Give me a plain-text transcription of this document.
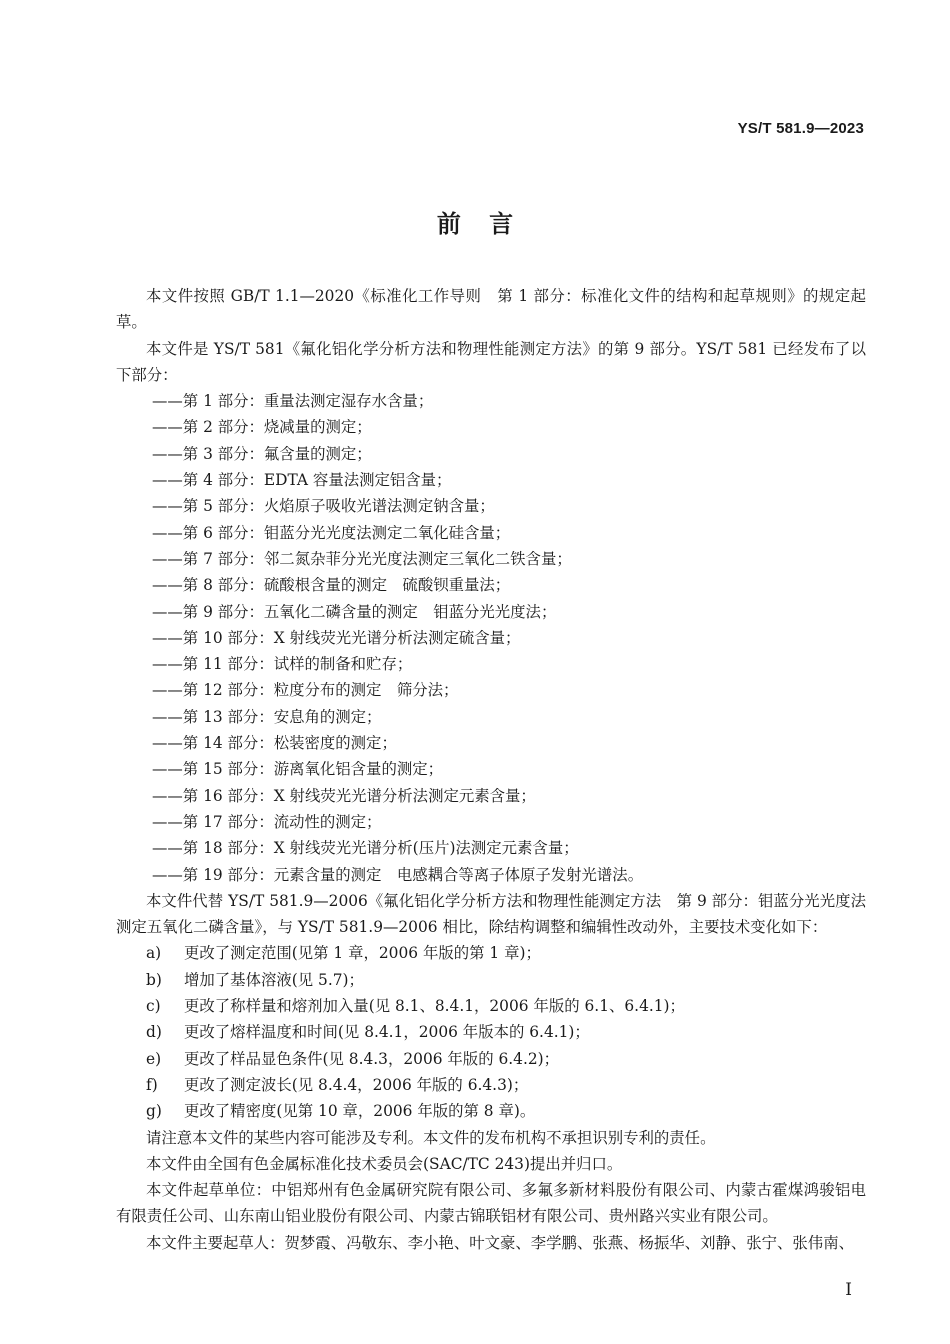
YS/T 581.9—2023
前 言

本文件按照 GB/T 1.1—2020《标准化工作导则　第 1 部分：标准化文件的结构和起草规则》的规定起草。

本文件是 YS/T 581《氟化铝化学分析方法和物理性能测定方法》的第 9 部分。YS/T 581 已经发布了以下部分：

——第 1 部分：重量法测定湿存水含量；

——第 2 部分：烧减量的测定；

——第 3 部分：氟含量的测定；

——第 4 部分：EDTA 容量法测定铝含量；

——第 5 部分：火焰原子吸收光谱法测定钠含量；

——第 6 部分：钼蓝分光光度法测定二氧化硅含量；

——第 7 部分：邻二氮杂菲分光光度法测定三氧化二铁含量；

——第 8 部分：硫酸根含量的测定　硫酸钡重量法；

——第 9 部分：五氧化二磷含量的测定　钼蓝分光光度法；

——第 10 部分：X 射线荧光光谱分析法测定硫含量；

——第 11 部分：试样的制备和贮存；

——第 12 部分：粒度分布的测定　筛分法；

——第 13 部分：安息角的测定；

——第 14 部分：松装密度的测定；

——第 15 部分：游离氧化铝含量的测定；

——第 16 部分：X 射线荧光光谱分析法测定元素含量；

——第 17 部分：流动性的测定；

——第 18 部分：X 射线荧光光谱分析(压片)法测定元素含量；

——第 19 部分：元素含量的测定　电感耦合等离子体原子发射光谱法。

本文件代替 YS/T 581.9—2006《氟化铝化学分析方法和物理性能测定方法　第 9 部分：钼蓝分光光度法测定五氧化二磷含量》，与 YS/T 581.9—2006 相比，除结构调整和编辑性改动外，主要技术变化如下：

a) 更改了测定范围(见第 1 章，2006 年版的第 1 章)；

b) 增加了基体溶液(见 5.7)；

c) 更改了称样量和熔剂加入量(见 8.1、8.4.1，2006 年版的 6.1、6.4.1)；

d) 更改了熔样温度和时间(见 8.4.1，2006 年版本的 6.4.1)；

e) 更改了样品显色条件(见 8.4.3，2006 年版的 6.4.2)；

f) 更改了测定波长(见 8.4.4，2006 年版的 6.4.3)；

g) 更改了精密度(见第 10 章，2006 年版的第 8 章)。

请注意本文件的某些内容可能涉及专利。本文件的发布机构不承担识别专利的责任。

本文件由全国有色金属标准化技术委员会(SAC/TC 243)提出并归口。

本文件起草单位：中铝郑州有色金属研究院有限公司、多氟多新材料股份有限公司、内蒙古霍煤鸿骏铝电有限责任公司、山东南山铝业股份有限公司、内蒙古锦联铝材有限公司、贵州路兴实业有限公司。

本文件主要起草人：贺梦霞、冯敬东、李小艳、叶文豪、李学鹏、张燕、杨振华、刘静、张宁、张伟南、

I
